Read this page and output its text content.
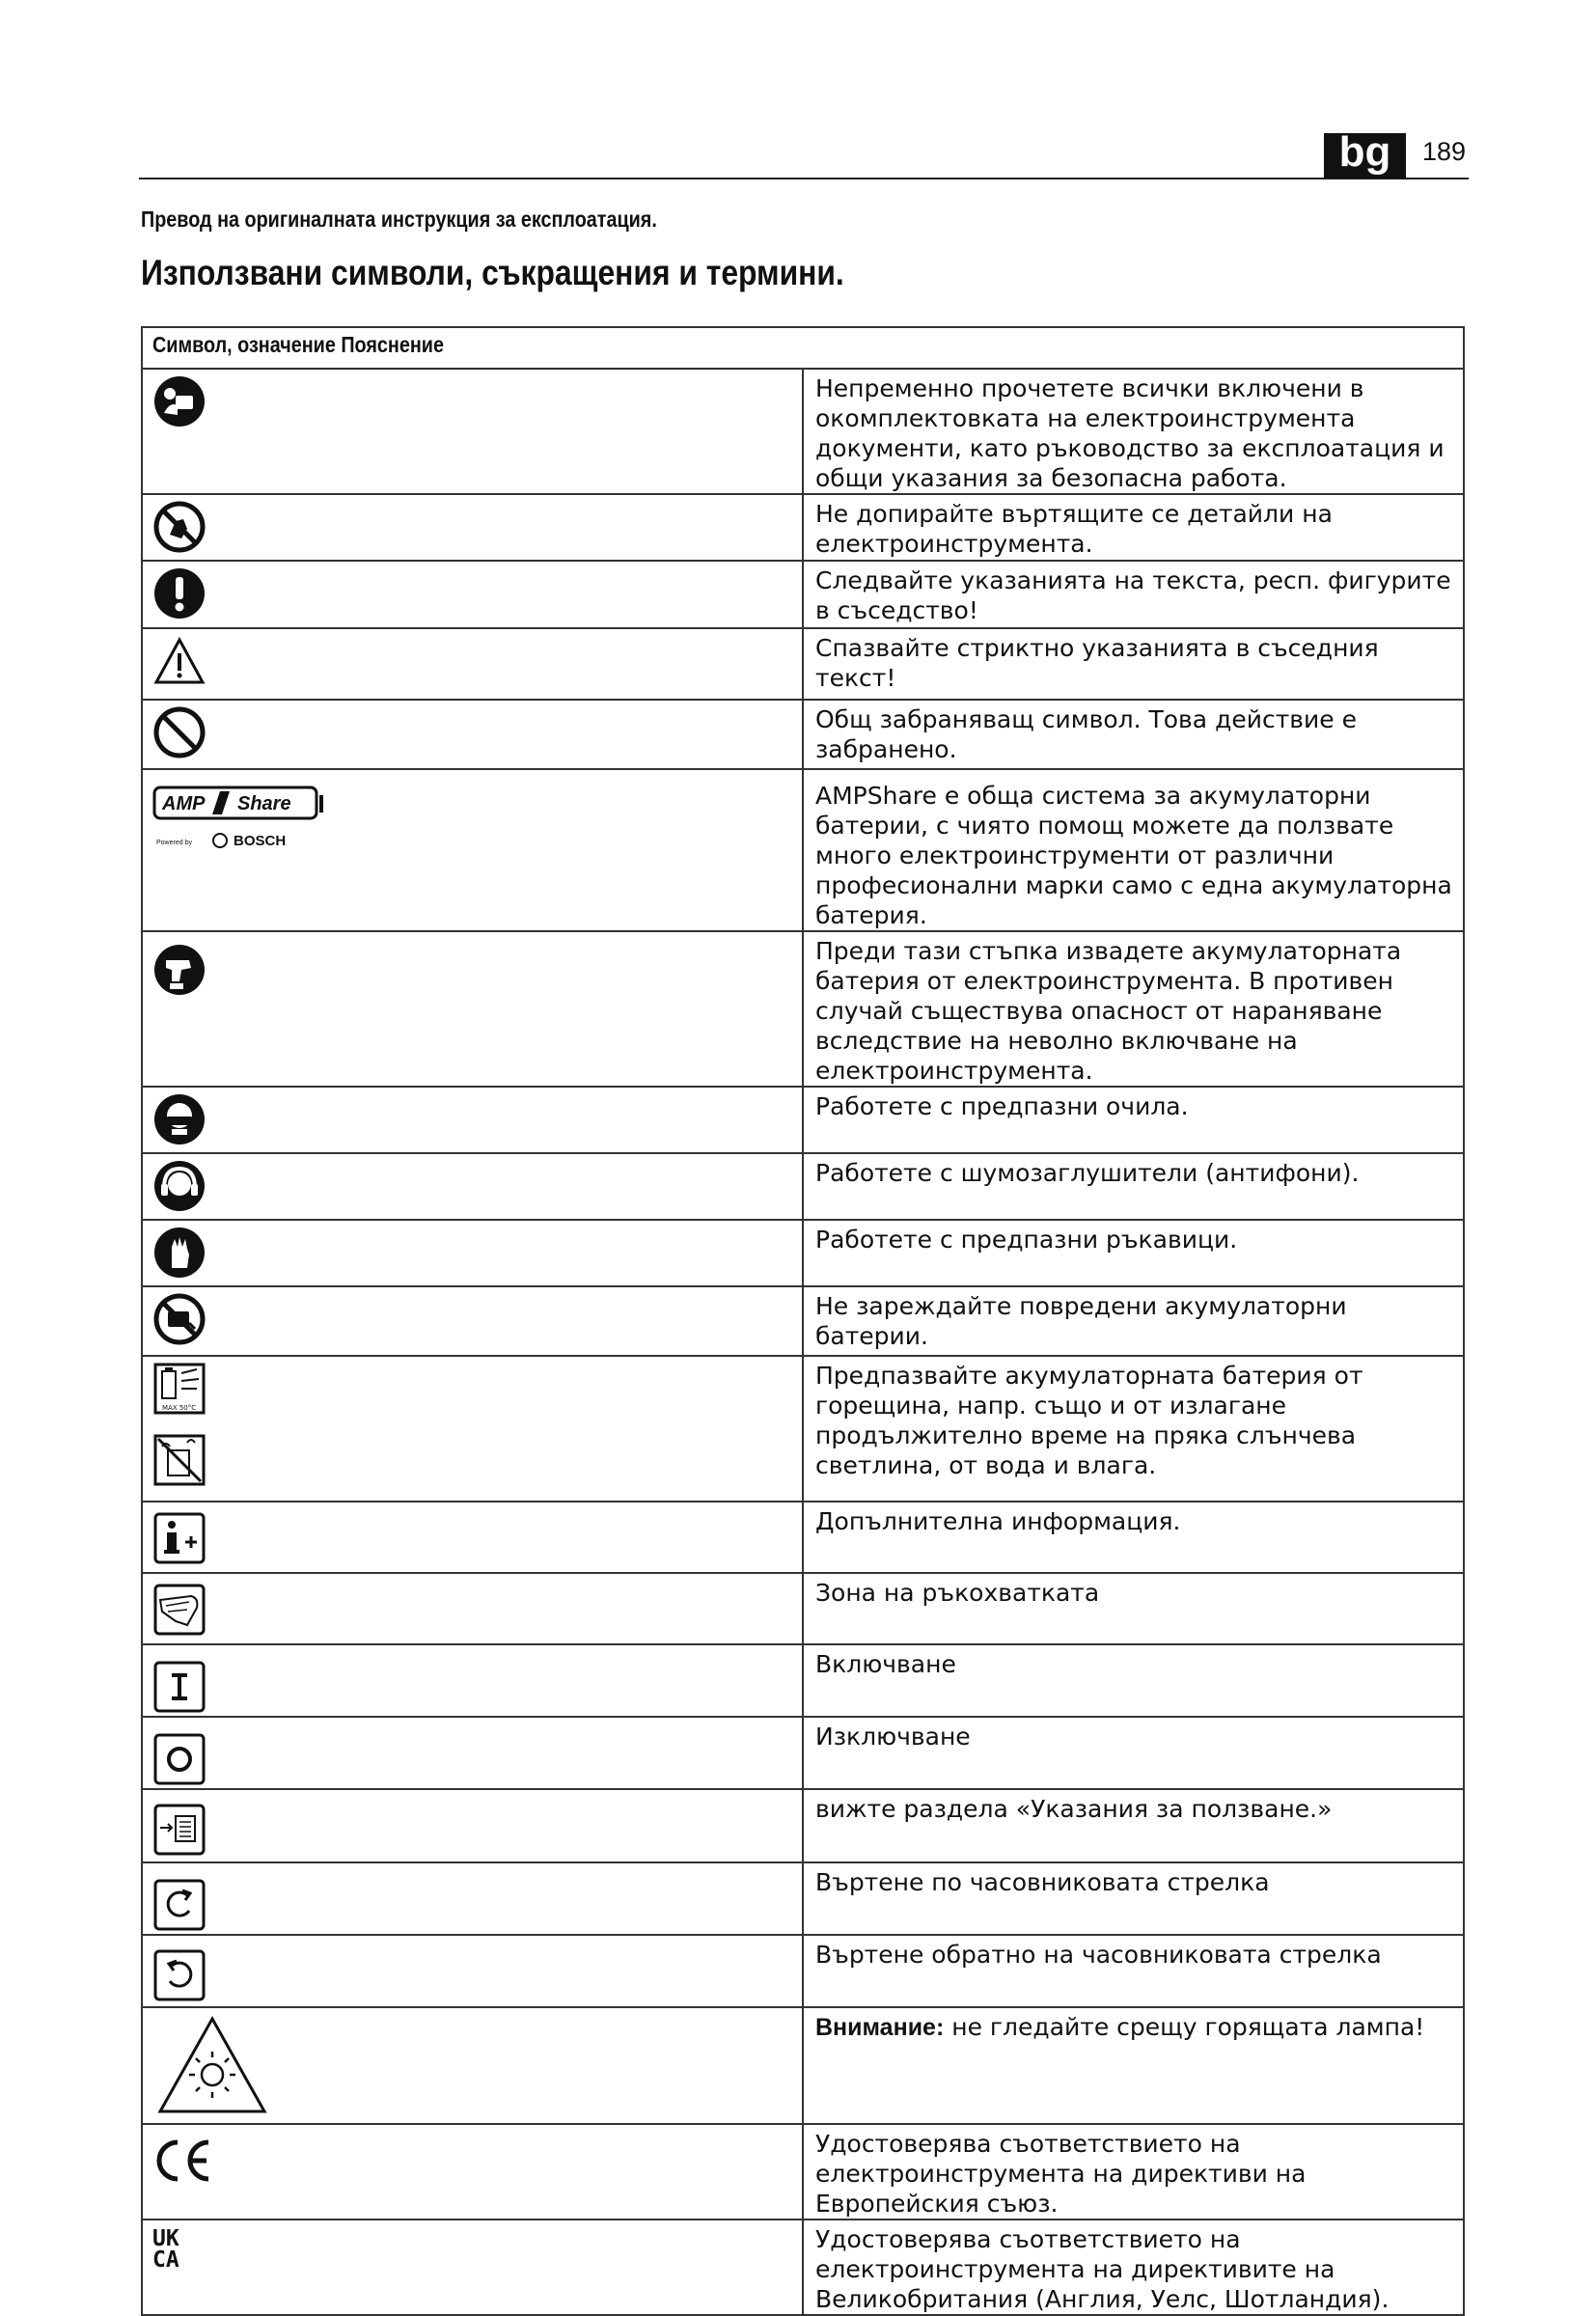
bg	189
Превод на оригиналната инструкция за експлоатация.
Използвани символи, съкращения и термини.
Символ, означение Пояснение	

	Непременно прочетете всички включени в окомплектовката на електроинструмента документи, като ръководство за експлоатация и общи указания за безопасна работа.

	Не допирайте въртящите се детайли на електроинструмента.

	Следвайте указанията на текста, респ. фигурите в съседство!

	Спазвайте стриктно указанията в съседния текст!

	Общ забраняващ символ. Това действие е забранено.

AMP Share
Powered by BOSCH	AMPShare е обща система за акумулаторни батерии, с чиято помощ можете да ползвате много електроинструменти от различни професионални марки само с една акумулаторна батерия.

	Преди тази стъпка извадете акумулаторната батерия от електроинструмента. В противен случай съществува опасност от нараняване вследствие на неволно включване на електроинструмента.

	Работете с предпазни очила.

	Работете с шумозаглушители (антифони).

	Работете с предпазни ръкавици.

	Не зареждайте повредени акумулаторни батерии.

MAX 50°C	Предпазвайте акумулаторната батерия от горещина, напр. също и от излагане продължително време на пряка слънчева светлина, от вода и влага.

	Допълнителна информация.

	Зона на ръкохватката

	Включване

	Изключване

	вижте раздела «Указания за ползване.»

	Въртене по часовниковата стрелка

	Въртене обратно на часовниковата стрелка
	Внимание: не гледайте срещу горящата лампа!
	Удостоверява съответствието на електроинструмента на директиви на Европейския съюз.

UK
CA	Удостоверява съответствието на електроинструмента на директивите на Великобритания (Англия, Уелс, Шотландия).
